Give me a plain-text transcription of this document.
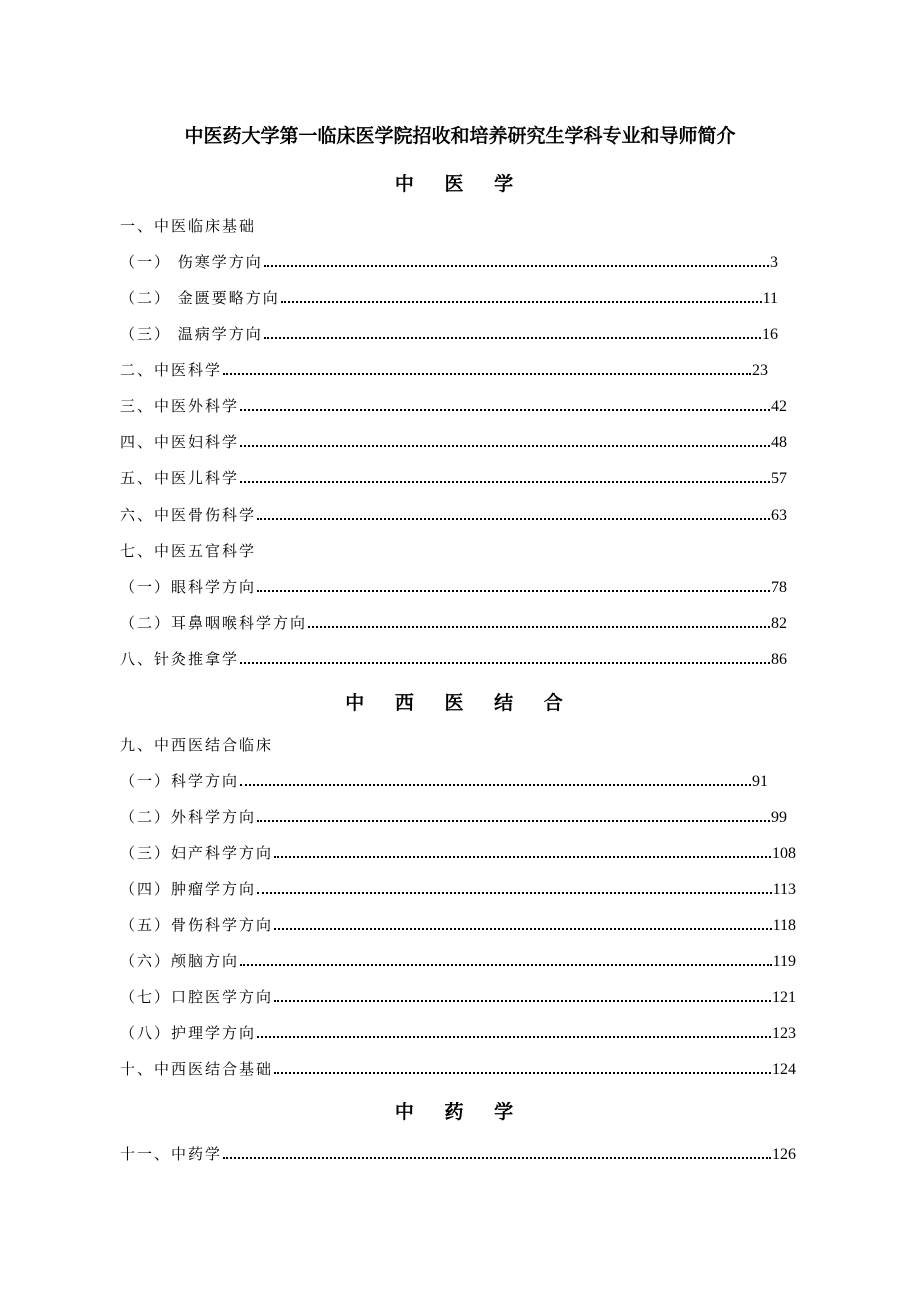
中医药大学第一临床医学院招收和培养研究生学科专业和导师简介
中 医 学
一、中医临床基础
（一） 伤寒学方向	3
（二） 金匮要略方向	11
（三） 温病学方向	16
二、中医科学	23
三、中医外科学	42
四、中医妇科学	48
五、中医儿科学	57
六、中医骨伤科学	63
七、中医五官科学
（一）眼科学方向	78
（二）耳鼻咽喉科学方向	82
八、针灸推拿学	86
中 西 医 结 合
九、中西医结合临床
（一）科学方向	91
（二）外科学方向	99
（三）妇产科学方向	108
（四）肿瘤学方向	113
（五）骨伤科学方向	118
（六）颅脑方向	119
（七）口腔医学方向	121
（八）护理学方向	123
十、中西医结合基础	124
中 药 学
十一、中药学	126
